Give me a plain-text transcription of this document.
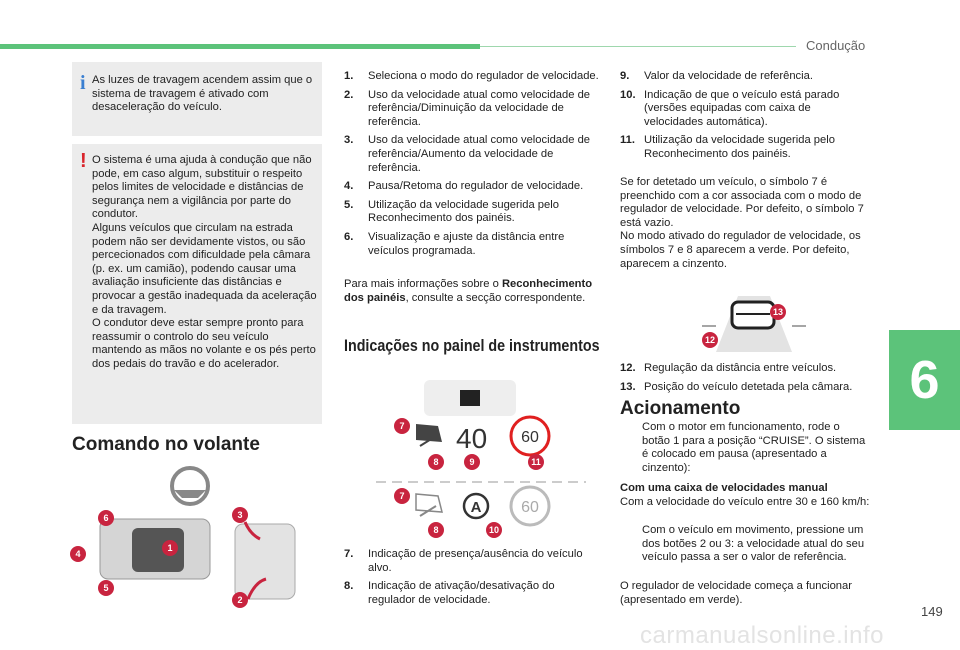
Condução
6
149
carmanualsonline.info
i As luzes de travagem acendem assim que o sistema de travagem é ativado com desaceleração do veículo.

! O sistema é uma ajuda à condução que não pode, em caso algum, substituir o respeito pelos limites de velocidade e distâncias de segurança nem a vigilância por parte do condutor.
Alguns veículos que circulam na estrada podem não ser devidamente vistos, ou são percecionados com dificuldade pela câmara (p. ex. um camião), podendo causar uma avaliação insuficiente das distâncias e provocar a gestão inadequada da aceleração e da travagem.
O condutor deve estar sempre pronto para reassumir o controlo do seu veículo mantendo as mãos no volante e os pés perto dos pedais do travão e do acelerador.

Comando no volante
6
4
5
1
3
2
1. Seleciona o modo do regulador de velocidade.
2. Uso da velocidade atual como velocidade de referência/Diminuição da velocidade de referência.
3. Uso da velocidade atual como velocidade de referência/Aumento da velocidade de referência.
4. Pausa/Retoma do regulador de velocidade.
5. Utilização da velocidade sugerida pelo Reconhecimento dos painéis.
6. Visualização e ajuste da distância entre veículos programada.

Para mais informações sobre o Reconhecimento dos painéis, consulte a secção correspondente.

Indicações no painel de instrumentos
40 60
A 60
7
8	9	11
7
8	10
7. Indicação de presença/ausência do veículo alvo.
8. Indicação de ativação/desativação do regulador de velocidade.
9. Valor da velocidade de referência.
10. Indicação de que o veículo está parado (versões equipadas com caixa de velocidades automática).
11. Utilização da velocidade sugerida pelo Reconhecimento dos painéis.

Se for detetado um veículo, o símbolo 7 é preenchido com a cor associada com o modo de regulador de velocidade. Por defeito, o símbolo 7 está vazio.
No modo ativado do regulador de velocidade, os símbolos 7 e 8 aparecem a verde. Por defeito, aparecem a cinzento.

13
12
12. Regulação da distância entre veículos.
13. Posição do veículo detetada pela câmara.
Acionamento
Com o motor em funcionamento, rode o botão 1 para a posição “CRUISE”. O sistema é colocado em pausa (apresentado a cinzento):

Com uma caixa de velocidades manual

Com a velocidade do veículo entre 30 e 160 km/h:

Com o veículo em movimento, pressione um dos botões 2 ou 3: a velocidade atual do seu veículo passa a ser o valor de referência.

O regulador de velocidade começa a funcionar (apresentado em verde).
